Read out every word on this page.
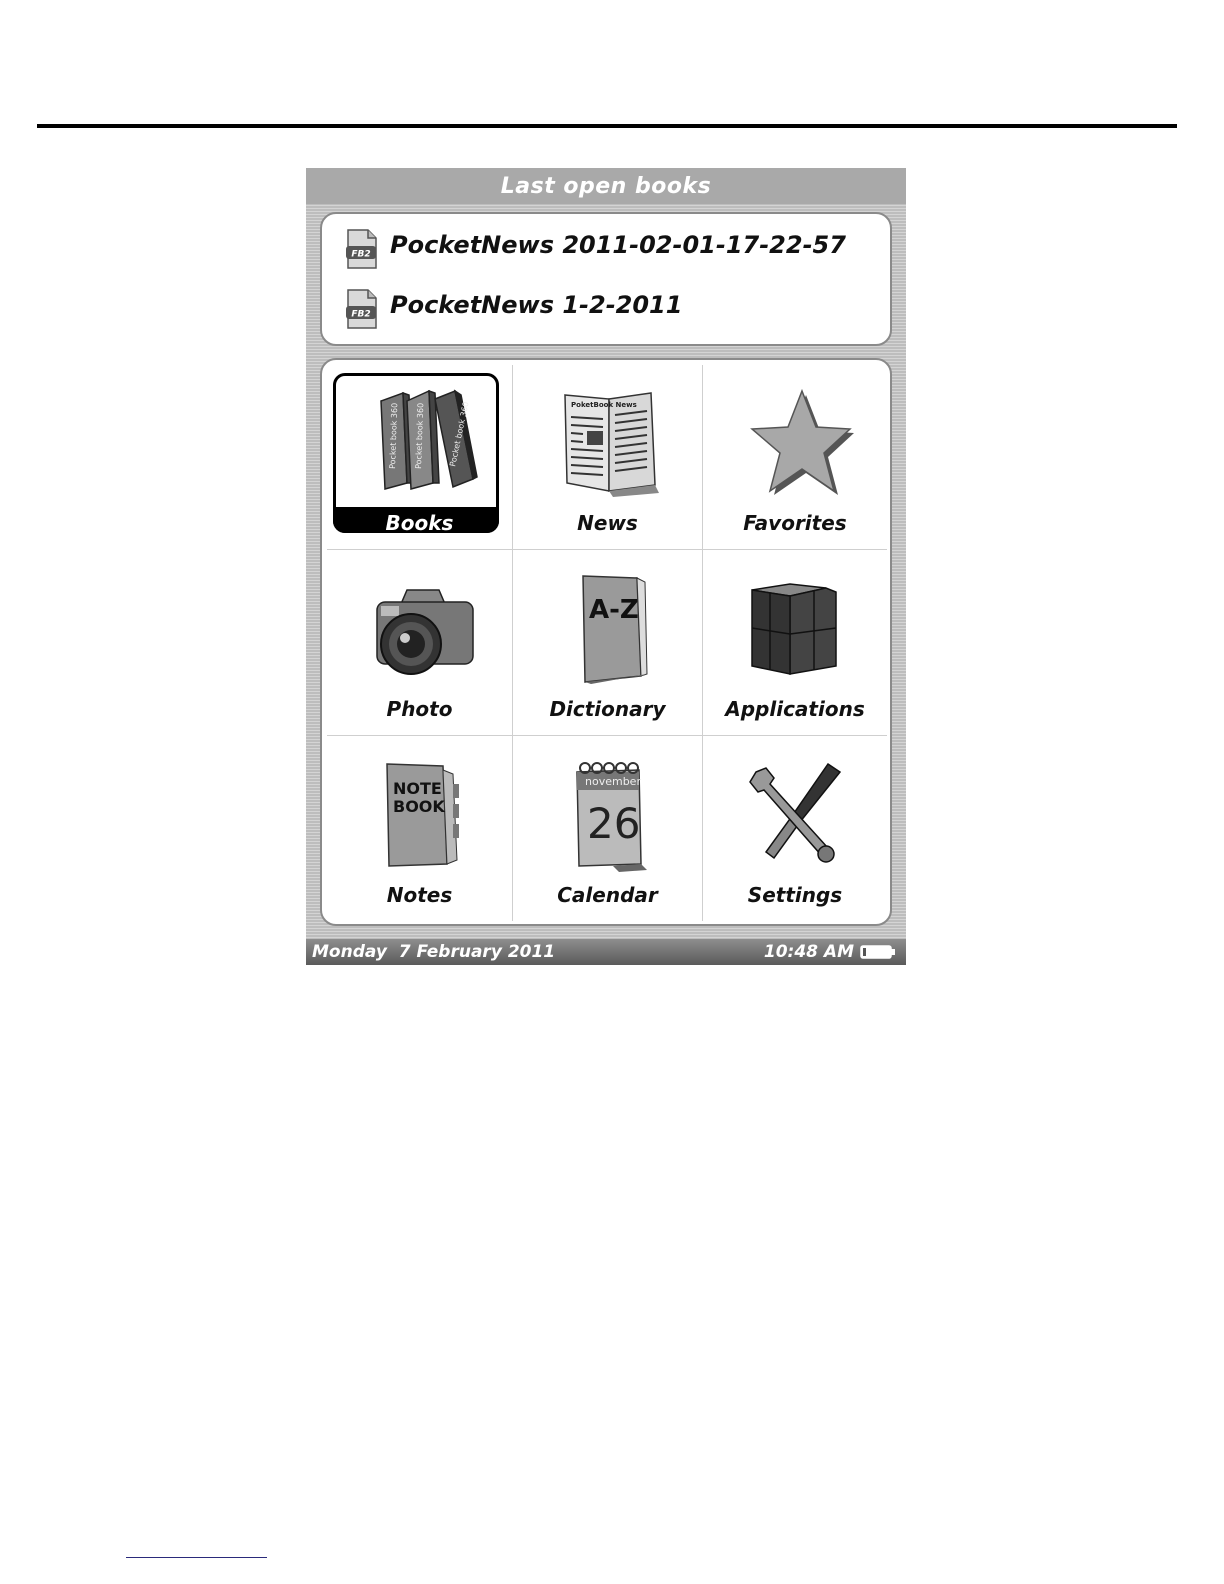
Last open books
FB2 PocketNews 2011-02-01-17-22-57
FB2 PocketNews 1-2-2011
Pocket book 360 Pocket book 360	Pocket book 360
Books
PoketBook News
News	Favorites
Photo
A-Z
Dictionary	Applications
NOTE BOOK
Notes
november
26
Calendar	Settings
Monday  7 February 2011	10:48 AM
